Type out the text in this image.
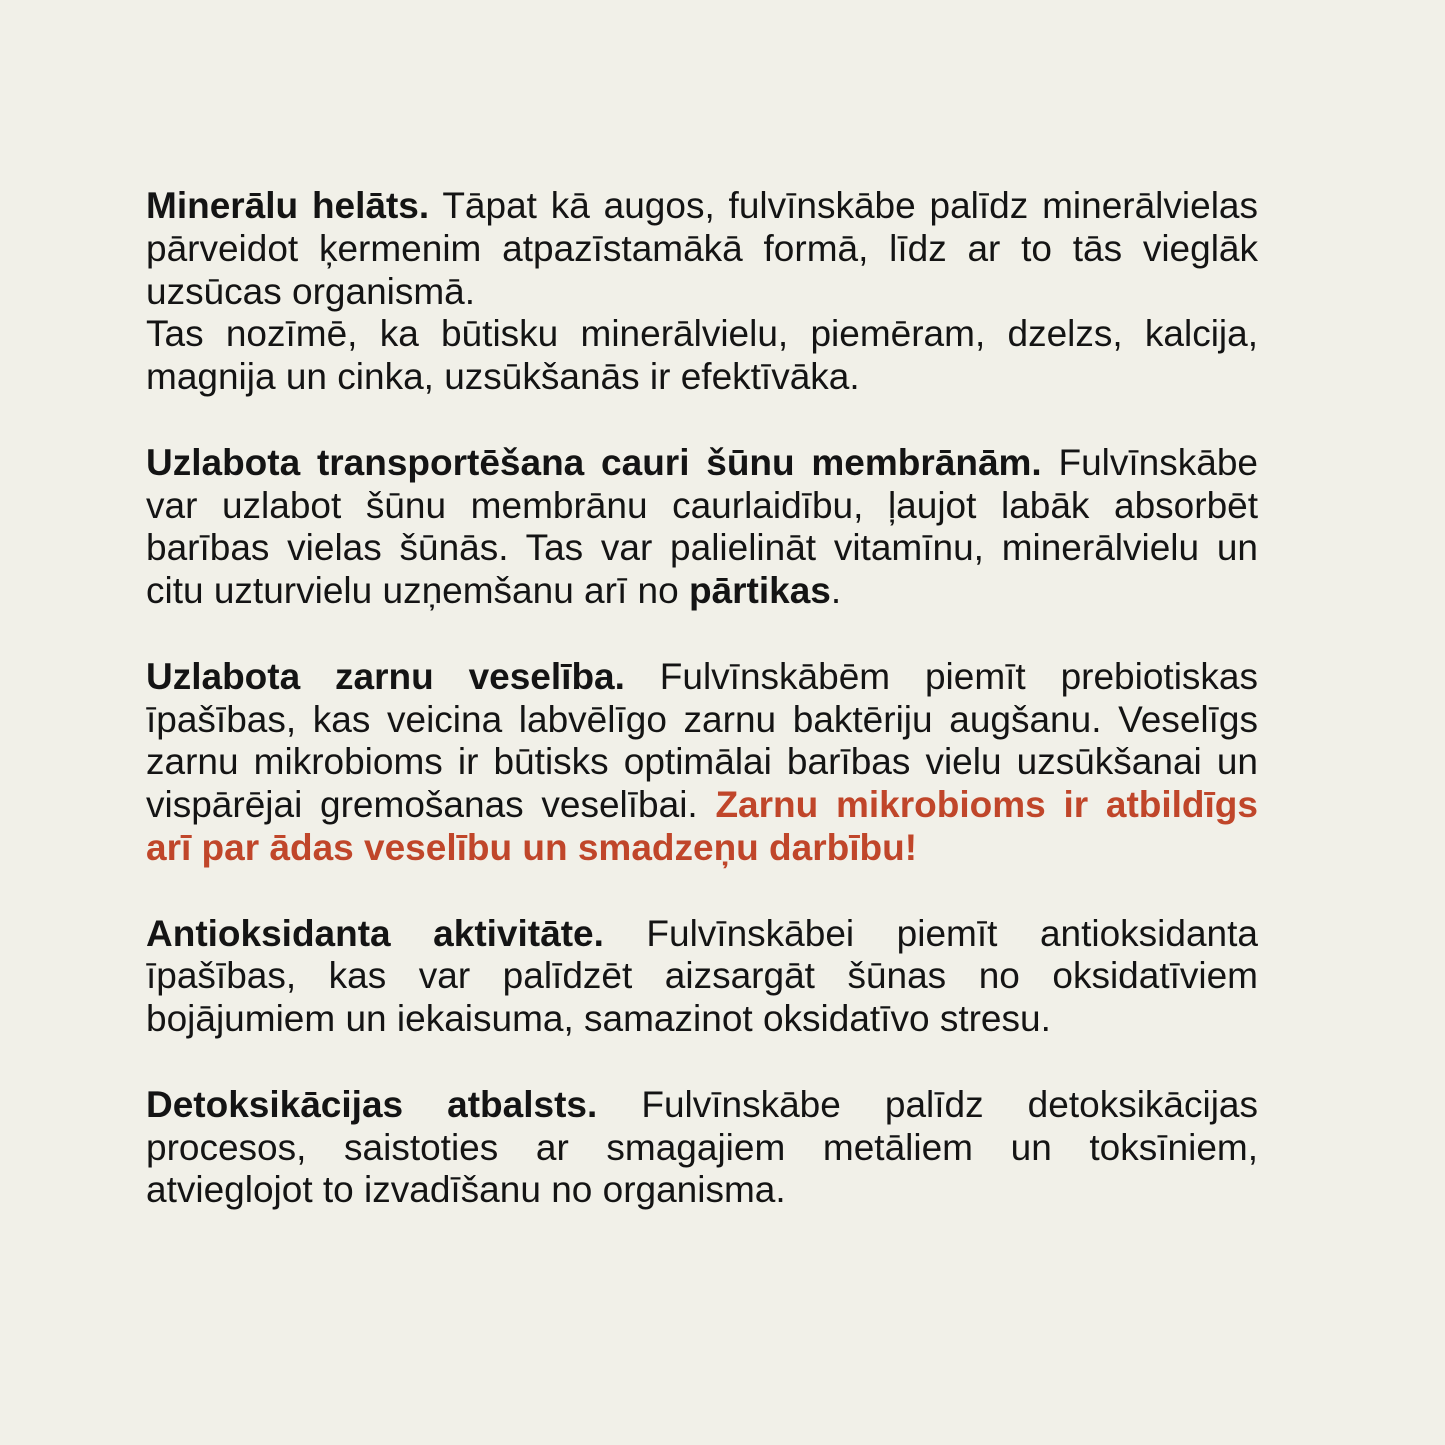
Minerālu helāts. Tāpat kā augos, fulvīnskābe palīdz minerālvielas pārveidot ķermenim atpazīstamākā formā, līdz ar to tās vieglāk uzsūcas organismā.

Tas nozīmē, ka būtisku minerālvielu, piemēram, dzelzs, kalcija, magnija un cinka, uzsūkšanās ir efektīvāka.

Uzlabota transportēšana cauri šūnu membrānām. Fulvīnskābe var uzlabot šūnu membrānu caurlaidību, ļaujot labāk absorbēt barības vielas šūnās. Tas var palielināt vitamīnu, minerālvielu un citu uzturvielu uzņemšanu arī no pārtikas.

Uzlabota zarnu veselība. Fulvīnskābēm piemīt prebiotiskas īpašības, kas veicina labvēlīgo zarnu baktēriju augšanu. Veselīgs zarnu mikrobioms ir būtisks optimālai barības vielu uzsūkšanai un vispārējai gremošanas veselībai. Zarnu mikrobioms ir atbildīgs arī par ādas veselību un smadzeņu darbību!

Antioksidanta aktivitāte. Fulvīnskābei piemīt antioksidanta īpašības, kas var palīdzēt aizsargāt šūnas no oksidatīviem bojājumiem un iekaisuma, samazinot oksidatīvo stresu.

Detoksikācijas atbalsts. Fulvīnskābe palīdz detoksikācijas procesos, saistoties ar smagajiem metāliem un toksīniem, atvieglojot to izvadīšanu no organisma.
